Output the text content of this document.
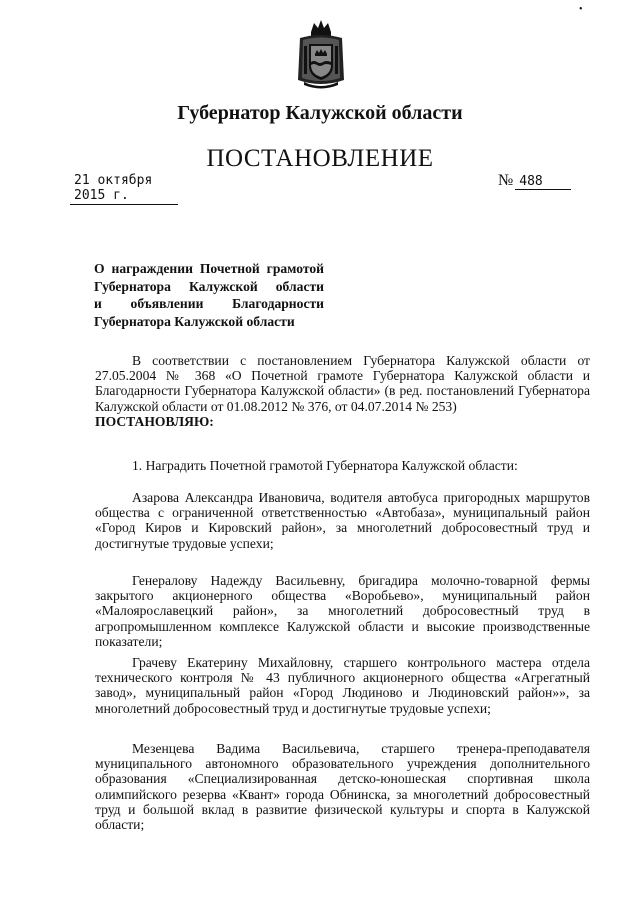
•
Губернатор Калужской области
ПОСТАНОВЛЕНИЕ
21 октября 2015 г.
№ 488
О награждении Почетной грамотой
Губернатора Калужской области
и объявлении Благодарности
Губернатора Калужской области
В соответствии с постановлением Губернатора Калужской области от 27.05.2004 № 368 «О Почетной грамоте Губернатора Калужской области и Благодарности Губернатора Калужской области» (в ред. постановлений Губернатора Калужской области от 01.08.2012 № 376, от 04.07.2014 № 253)
ПОСТАНОВЛЯЮ:
1. Наградить Почетной грамотой Губернатора Калужской области:
Азарова Александра Ивановича, водителя автобуса пригородных маршрутов общества с ограниченной ответственностью «Автобаза», муниципальный район «Город Киров и Кировский район», за многолетний добросовестный труд и достигнутые трудовые успехи;
Генералову Надежду Васильевну, бригадира молочно-товарной фермы закрытого акционерного общества «Воробьево», муниципальный район «Малоярославецкий район», за многолетний добросовестный труд в агропромышленном комплексе Калужской области и высокие производственные показатели;
Грачеву Екатерину Михайловну, старшего контрольного мастера отдела технического контроля № 43 публичного акционерного общества «Агрегатный завод», муниципальный район «Город Людиново и Людиновский район»», за многолетний добросовестный труд и достигнутые трудовые успехи;
Мезенцева Вадима Васильевича, старшего тренера-преподавателя муниципального автономного образовательного учреждения дополнительного образования «Специализированная детско-юношеская спортивная школа олимпийского резерва «Квант» города Обнинска, за многолетний добросовестный труд и большой вклад в развитие физической культуры и спорта в Калужской области;
